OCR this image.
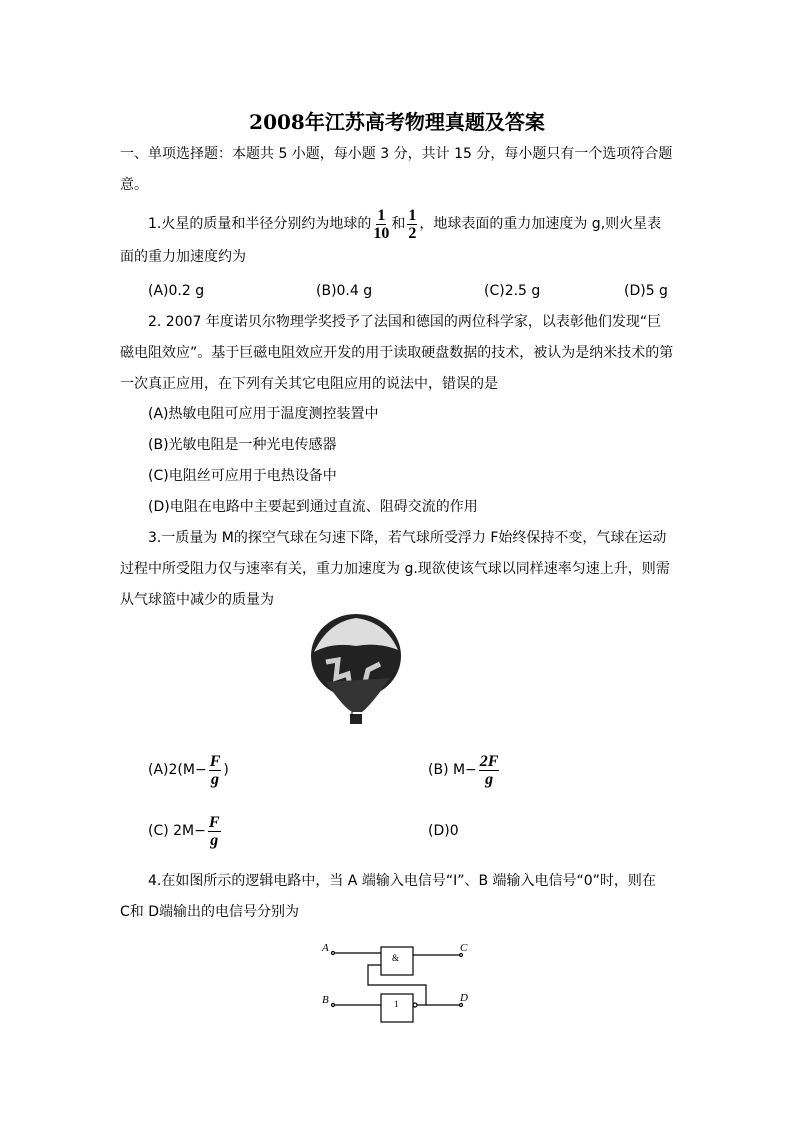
2008年江苏高考物理真题及答案
一、单项选择题：本题共 5 小题，每小题 3 分，共计 15 分，每小题只有一个选项符合题
意。
1.火星的质量和半径分别约为地球的 $\frac{1}{10}$ 和 $\frac{1}{2}$ ，地球表面的重力加速度为 g,则火星表
面的重力加速度约为
(A)0.2 g	(B)0.4 g	(C)2.5 g	(D)5 g
2. 2007 年度诺贝尔物理学奖授予了法国和德国的两位科学家，以表彰他们发现“巨
磁电阻效应”。基于巨磁电阻效应开发的用于读取硬盘数据的技术，被认为是纳米技术的第
一次真正应用，在下列有关其它电阻应用的说法中，错误的是
(A)热敏电阻可应用于温度测控装置中
(B)光敏电阻是一种光电传感器
(C)电阻丝可应用于电热设备中
(D)电阻在电路中主要起到通过直流、阻碍交流的作用
3.一质量为 M的探空气球在匀速下降，若气球所受浮力 F始终保持不变，气球在运动
过程中所受阻力仅与速率有关，重力加速度为 g.现欲使该气球以同样速率匀速上升，则需
从气球篮中减少的质量为
$(A)2(M- \frac{F}{g}$ )	(B) $M- \frac{2F}{g}$
(C) $2M- \frac{F}{g}$	(D)0
4.在如图所示的逻辑电路中，当 A 端输入电信号“I”、B 端输入电信号“0”时，则在
C和 D端输出的电信号分别为
A	C
B	D
&
1
